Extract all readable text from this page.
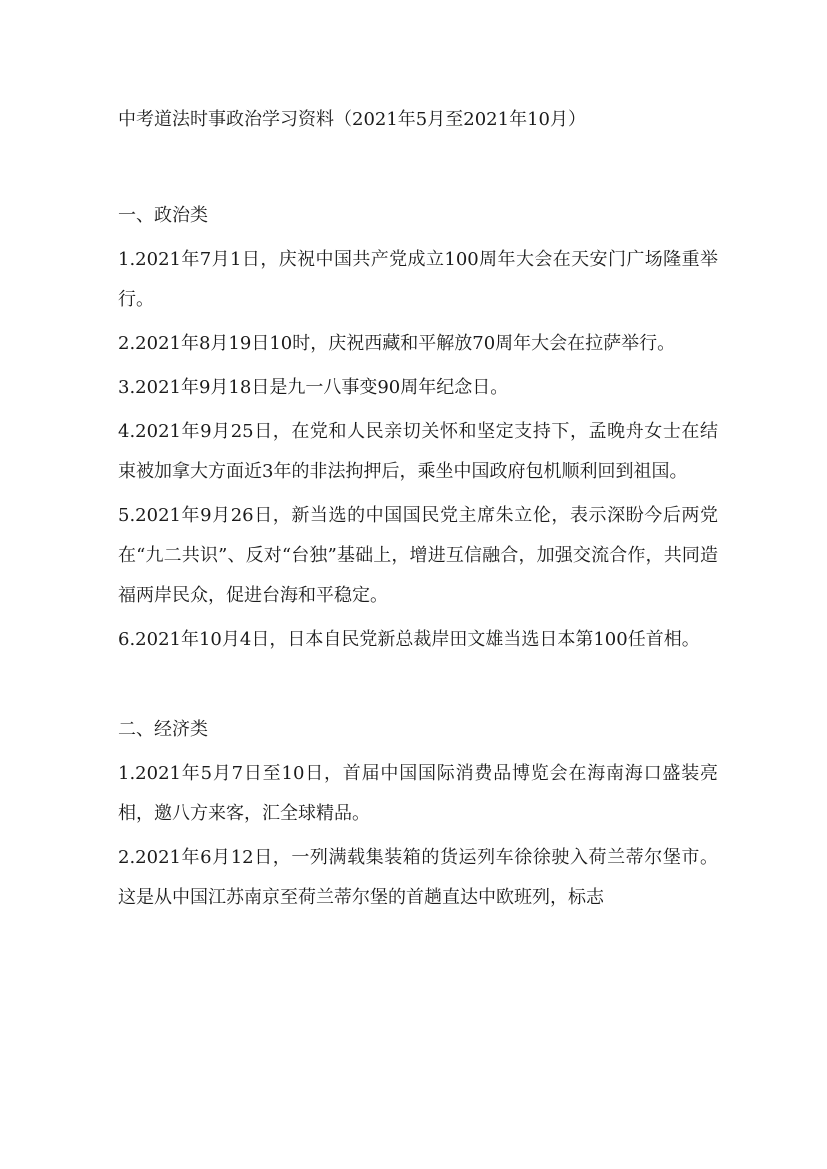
中考道法时事政治学习资料（2021年5月至2021年10月）
一、政治类
1.2021年7月1日，庆祝中国共产党成立100周年大会在天安门广场隆重举行。
2.2021年8月19日10时，庆祝西藏和平解放70周年大会在拉萨举行。
3.2021年9月18日是九一八事变90周年纪念日。
4.2021年9月25日，在党和人民亲切关怀和坚定支持下，孟晚舟女士在结束被加拿大方面近3年的非法拘押后，乘坐中国政府包机顺利回到祖国。
5.2021年9月26日，新当选的中国国民党主席朱立伦，表示深盼今后两党在“九二共识”、反对“台独”基础上，增进互信融合，加强交流合作，共同造福两岸民众，促进台海和平稳定。
6.2021年10月4日，日本自民党新总裁岸田文雄当选日本第100任首相。
二、经济类
1.2021年5月7日至10日，首届中国国际消费品博览会在海南海口盛装亮相，邀八方来客，汇全球精品。
2.2021年6月12日，一列满载集装箱的货运列车徐徐驶入荷兰蒂尔堡市。这是从中国江苏南京至荷兰蒂尔堡的首趟直达中欧班列，标志
